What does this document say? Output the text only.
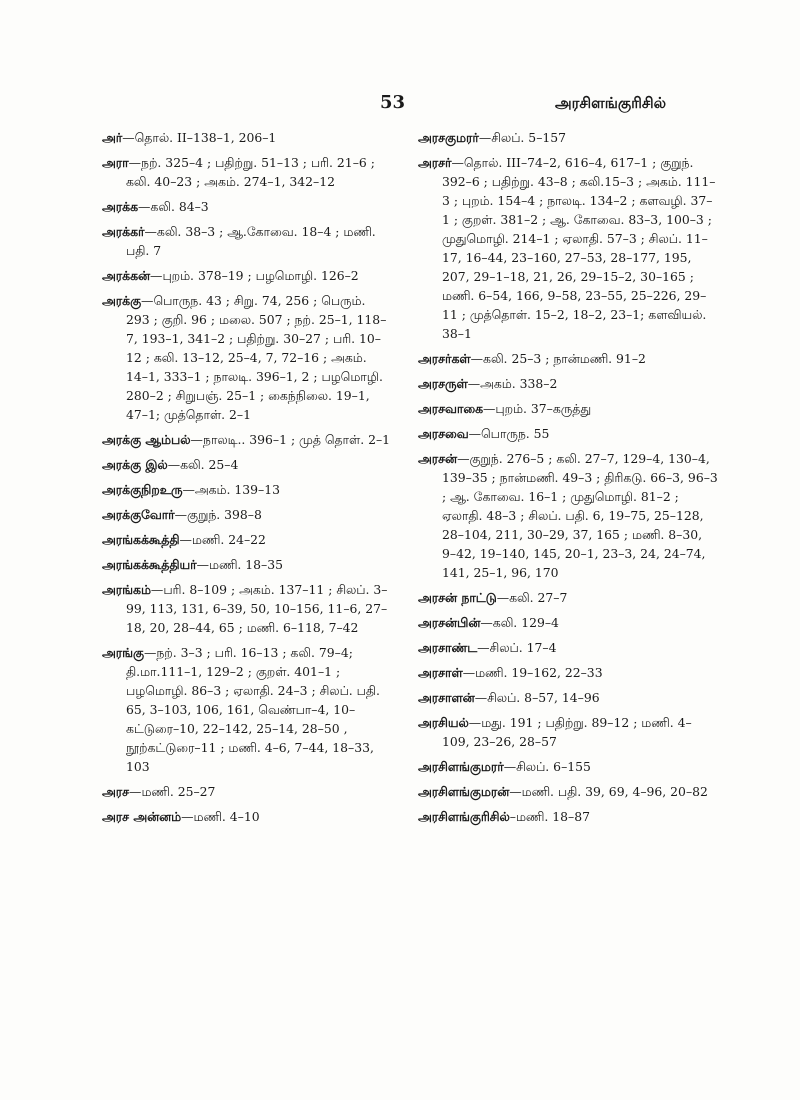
53	அரசிளங்குரிசில்
அர்—தொல். II–138–1, 206–1
அரா—நற். 325–4 ; பதிற்று. 51–13 ; பரி. 21–6 ; கலி. 40–23 ; அகம். 274–1, 342–12
அரக்க—கலி. 84–3
அரக்கர்—கலி. 38–3 ; ஆ.கோவை. 18–4 ; மணி. பதி. 7
அரக்கன்—புறம். 378–19 ; பழமொழி. 126–2
அரக்கு—பொருந. 43 ; சிறு. 74, 256 ; பெரும். 293 ; குறி. 96 ; மலை. 507 ; நற். 25–1, 118–7, 193–1, 341–2 ; பதிற்று. 30–27 ; பரி. 10–12 ; கலி. 13–12, 25–4, 7, 72–16 ; அகம். 14–1, 333–1 ; நாலடி. 396–1, 2 ; பழமொழி. 280–2 ; சிறுபஞ். 25–1 ; கைந்நிலை. 19–1, 47–1; முத்தொள். 2–1
அரக்கு ஆம்பல்—நாலடி.. 396–1 ; முத் தொள். 2–1
அரக்கு இல்—கலி. 25–4
அரக்குநிறஉரு—அகம். 139–13
அரக்குவோர்—குறுந். 398–8
அரங்கக்கூத்தி—மணி. 24–22
அரங்கக்கூத்தியர்—மணி. 18–35
அரங்கம்—பரி. 8–109 ; அகம். 137–11 ; சிலப். 3–99, 113, 131, 6–39, 50, 10–156, 11–6, 27–18, 20, 28–44, 65 ; மணி. 6–118, 7–42
அரங்கு—நற். 3–3 ; பரி. 16–13 ; கலி. 79–4; தி.மா.111–1, 129–2 ; குறள். 401–1 ; பழமொழி. 86–3 ; ஏலாதி. 24–3 ; சிலப். பதி. 65, 3–103, 106, 161, வெண்பா–4, 10–கட்டுரை–10, 22–142, 25–14, 28–50 , நூற்கட்டுரை–11 ; மணி. 4–6, 7–44, 18–33, 103
அரச—மணி. 25–27
அரச அன்னம்—மணி. 4–10
அரசகுமரர்—சிலப். 5–157
அரசர்—தொல். III–74–2, 616–4, 617–1 ; குறுந். 392–6 ; பதிற்று. 43–8 ; கலி.15–3 ; அகம். 111–3 ; புறம். 154–4 ; நாலடி. 134–2 ; களவழி. 37–1 ; குறள். 381–2 ; ஆ. கோவை. 83–3, 100–3 ; முதுமொழி. 214–1 ; ஏலாதி. 57–3 ; சிலப். 11–17, 16–44, 23–160, 27–53, 28–177, 195, 207, 29–1–18, 21, 26, 29–15–2, 30–165 ; மணி. 6–54, 166, 9–58, 23–55, 25–226, 29–11 ; முத்தொள். 15–2, 18–2, 23–1; களவியல். 38–1
அரசர்கள்—கலி. 25–3 ; நான்மணி. 91–2
அரசருள்—அகம். 338–2
அரசவாகை—புறம். 37–கருத்து
அரசவை—பொருந. 55
அரசன்—குறுந். 276–5 ; கலி. 27–7, 129–4, 130–4, 139–35 ; நான்மணி. 49–3 ; திரிகடு. 66–3, 96–3 ; ஆ. கோவை. 16–1 ; முதுமொழி. 81–2 ; ஏலாதி. 48–3 ; சிலப். பதி. 6, 19–75, 25–128, 28–104, 211, 30–29, 37, 165 ; மணி. 8–30, 9–42, 19–140, 145, 20–1, 23–3, 24, 24–74, 141, 25–1, 96, 170
அரசன் நாட்டு—கலி. 27–7
அரசன்பின்—கலி. 129–4
அரசாண்ட—சிலப். 17–4
அரசாள்—மணி. 19–162, 22–33
அரசாளன்—சிலப். 8–57, 14–96
அரசியல்—மது. 191 ; பதிற்று. 89–12 ; மணி. 4–109, 23–26, 28–57
அரசிளங்குமரர்—சிலப். 6–155
அரசிளங்குமரன்—மணி. பதி. 39, 69, 4–96, 20–82
அரசிளங்குரிசில்–மணி. 18–87
